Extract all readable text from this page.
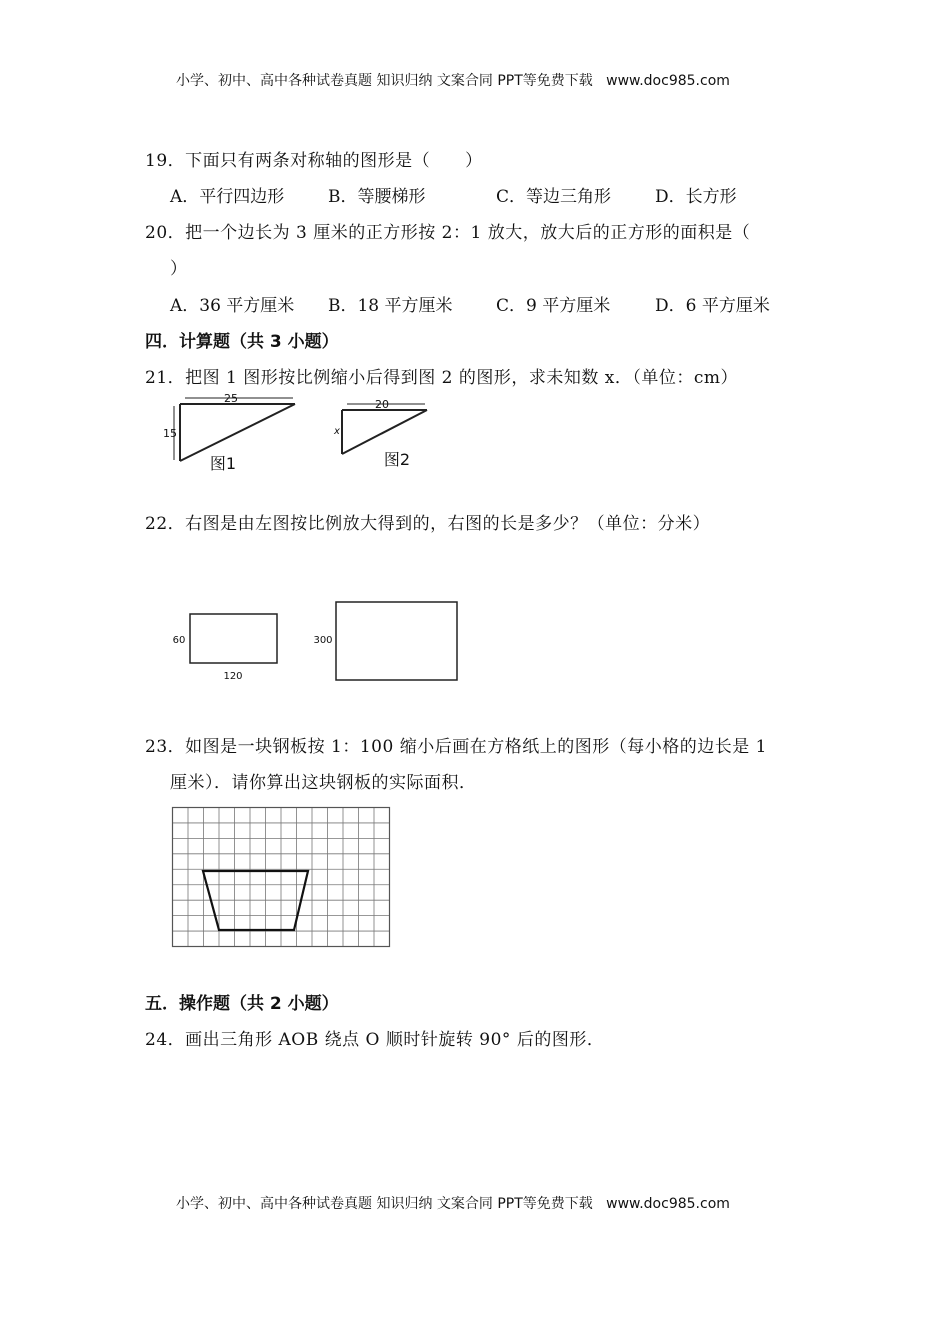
小学、初中、高中各种试卷真题 知识归纳 文案合同 PPT等免费下载 www.doc985.com
19．下面只有两条对称轴的图形是（　　）
A．平行四边形	B．等腰梯形	C．等边三角形	D．长方形
20．把一个边长为 3 厘米的正方形按 2：1 放大，放大后的正方形的面积是（
）
A．36 平方厘米 B．18 平方厘米	C．9 平方厘米	D．6 平方厘米
四．计算题（共 3 小题）
21．把图 1 图形按比例缩小后得到图 2 的图形，求未知数 x．（单位：cm）
25
15
图1
20
x
图2
22．右图是由左图按比例放大得到的，右图的长是多少？（单位：分米）
60
120
300
23．如图是一块钢板按 1：100 缩小后画在方格纸上的图形（每小格的边长是 1
厘米）．请你算出这块钢板的实际面积．
五．操作题（共 2 小题）
24．画出三角形 AOB 绕点 O 顺时针旋转 90° 后的图形．
小学、初中、高中各种试卷真题 知识归纳 文案合同 PPT等免费下载 www.doc985.com
